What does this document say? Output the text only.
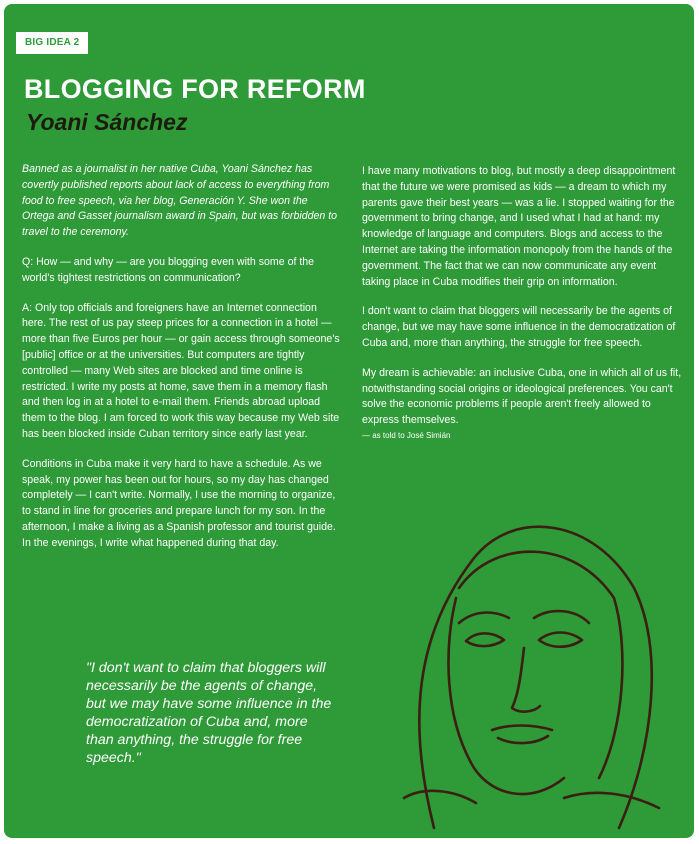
BIG IDEA 2
BLOGGING FOR REFORM
Yoani Sánchez

Banned as a journalist in her native Cuba, Yoani Sánchez has covertly published reports about lack of access to everything from food to free speech, via her blog, Generación Y. She won the Ortega and Gasset journalism award in Spain, but was forbidden to travel to the ceremony.

Q: How — and why — are you blogging even with some of the world's tightest restrictions on communication?

A: Only top officials and foreigners have an Internet connection here. The rest of us pay steep prices for a connection in a hotel — more than five Euros per hour — or gain access through someone's [public] office or at the universities. But computers are tightly controlled — many Web sites are blocked and time online is restricted. I write my posts at home, save them in a memory flash and then log in at a hotel to e-mail them. Friends abroad upload them to the blog. I am forced to work this way because my Web site has been blocked inside Cuban territory since early last year.

Conditions in Cuba make it very hard to have a schedule. As we speak, my power has been out for hours, so my day has changed completely — I can't write. Normally, I use the morning to organize, to stand in line for groceries and prepare lunch for my son. In the afternoon, I make a living as a Spanish professor and tourist guide. In the evenings, I write what happened during that day.

I have many motivations to blog, but mostly a deep disappointment that the future we were promised as kids — a dream to which my parents gave their best years — was a lie. I stopped waiting for the government to bring change, and I used what I had at hand: my knowledge of language and computers. Blogs and access to the Internet are taking the information monopoly from the hands of the government. The fact that we can now communicate any event taking place in Cuba modifies their grip on information.

I don't want to claim that bloggers will necessarily be the agents of change, but we may have some influence in the democratization of Cuba and, more than anything, the struggle for free speech.

My dream is achievable: an inclusive Cuba, one in which all of us fit, notwithstanding social origins or ideological preferences. You can't solve the economic problems if people aren't freely allowed to express themselves.

— as told to José Simián
"I don't want to claim that bloggers will necessarily be the agents of change, but we may have some influence in the democratization of Cuba and, more than anything, the struggle for free speech."
